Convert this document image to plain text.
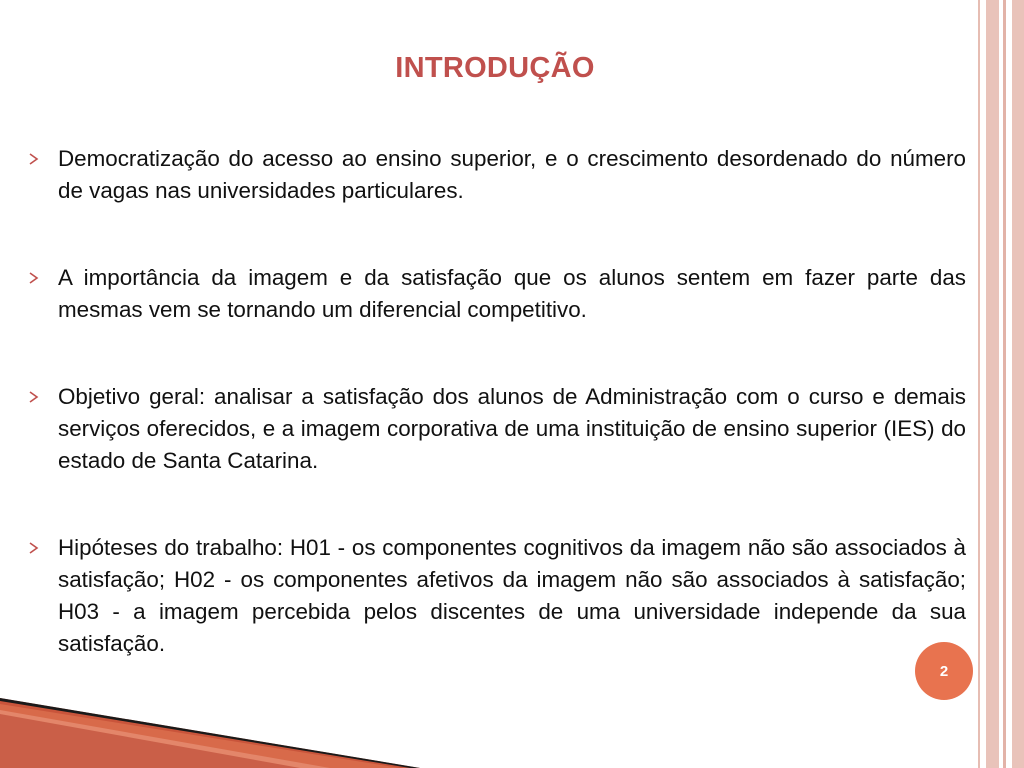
INTRODUÇÃO
Democratização do acesso ao ensino superior, e o crescimento desordenado do número de vagas nas universidades particulares.
A importância da imagem e da satisfação que os alunos sentem em fazer parte das mesmas vem se tornando um diferencial competitivo.
Objetivo geral: analisar a satisfação dos alunos de Administração com o curso e demais serviços oferecidos, e a imagem corporativa de uma instituição de ensino superior (IES) do estado de Santa Catarina.
Hipóteses do trabalho: H01 - os componentes cognitivos da imagem não são associados à satisfação; H02 - os componentes afetivos da imagem não são associados à satisfação; H03 - a imagem percebida pelos discentes de uma universidade independe da sua satisfação.
2
